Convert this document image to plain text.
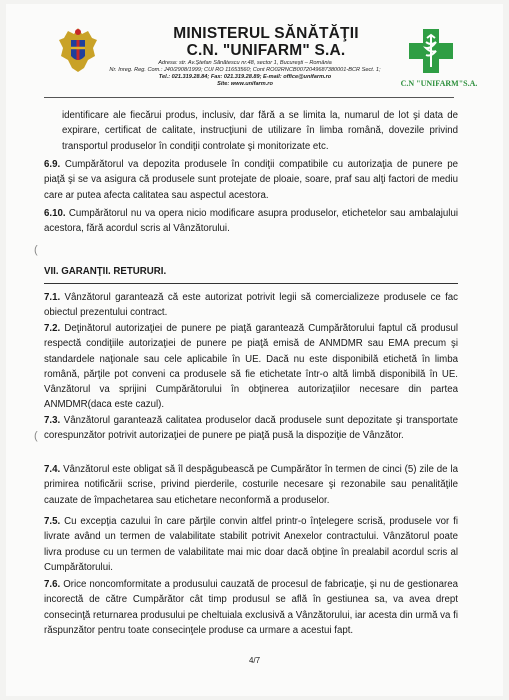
MINISTERUL SĂNĂTĂŢII
C.N. "UNIFARM" S.A.
Adresa: str. Av.Ştefan Sănătescu nr.48, sector 1, Bucureşti – România
Nr. Inreg. Reg. Com.: J40/2908/1999; CUI RO 11653560; Cont RO02RNCB0072049687380001-BCR Sect. 1;
Tel.: 021.319.28.84; Fax: 021.319.28.89; E-mail: office@unifarm.ro
Site: www.unifarm.ro	C.N "UNIFARM"S.A.
identificare ale fiecărui produs, inclusiv, dar fără a se limita la, numarul de lot şi data de expirare, certificat de calitate, instrucţiuni de utilizare în limba română, dovezile privind transportul produselor în condiţii controlate şi monitorizate etc.
6.9. Cumpărătorul va depozita produsele în condiţii compatibile cu autorizaţia de punere pe piaţă şi se va asigura că produsele sunt protejate de ploaie, soare, praf sau alţi factori de mediu care ar putea afecta calitatea sau aspectul acestora.
6.10. Cumpărătorul nu va opera nicio modificare asupra produselor, etichetelor sau ambalajului acestora, fără acordul scris al Vânzătorului.
(
VII. GARANŢII. RETURURI.
7.1. Vânzătorul garantează că este autorizat potrivit legii să comercializeze produsele ce fac obiectul prezentului contract.
7.2. Deţinătorul autorizaţiei de punere pe piaţă garantează Cumpărătorului faptul că produsul respectă condiţiile autorizaţiei de punere pe piaţă emisă de ANMDMR sau EMA precum şi standardele naţionale sau cele aplicabile în UE. Dacă nu este disponibilă etichetă în limba română, părţile pot conveni ca produsele să fie etichetate într-o altă limbă disponibilă în UE. Vânzătorul va sprijini Cumpărătorului în obţinerea autorizaţiilor necesare din partea ANMDMR(daca este cazul).
7.3. Vânzătorul garantează calitatea produselor dacă produsele sunt depozitate şi transportate corespunzător potrivit autorizaţiei de punere pe piaţă pusă la dispoziţie de Vânzător.
(
7.4. Vânzătorul este obligat să îl despăgubească pe Cumpărător în termen de cinci (5) zile de la primirea notificării scrise, privind pierderile, costurile necesare şi rezonabile sau penalităţile cauzate de împachetarea sau etichetare neconformă a produselor.
7.5. Cu excepţia cazului în care părţile convin altfel printr-o înţelegere scrisă, produsele vor fi livrate având un termen de valabilitate stabilit potrivit Anexelor contractului. Vânzătorul poate livra produse cu un termen de valabilitate mai mic doar dacă obţine în prealabil acordul scris al Cumpărătorului.
7.6. Orice noncomformitate a produsului cauzată de procesul de fabricaţie, şi nu de gestionarea incorectă de către Cumpărător cât timp produsul se află în gestiunea sa, va avea drept consecinţă returnarea produsului pe cheltuiala exclusivă a Vânzătorului, iar acesta din urmă va fi răspunzător pentru toate consecinţele produse ca urmare a acestui fapt.
4/7
